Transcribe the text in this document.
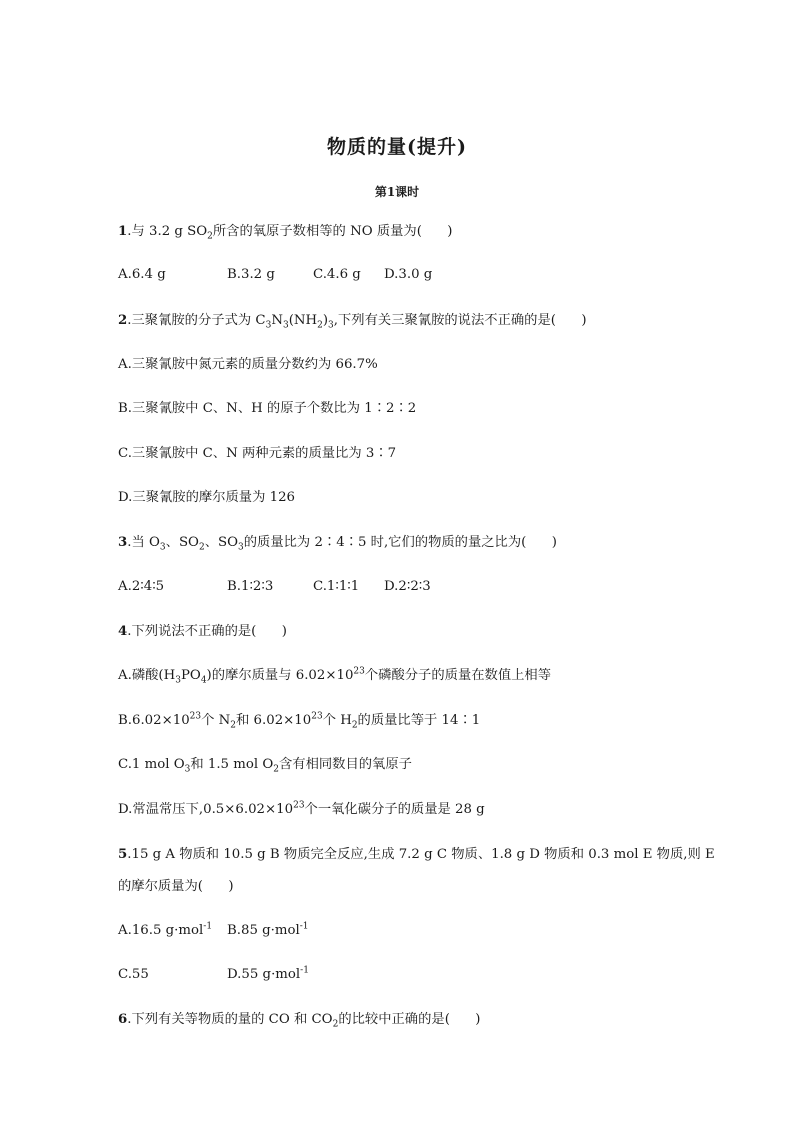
物质的量(提升)
第1课时
1.与 3.2 g $SO_2$所含的氧原子数相等的 NO 质量为(      )
A.6.4 g	B.3.2 g	C.4.6 g D.3.0 g
2.三聚氰胺的分子式为 $C_3N_3(NH_2)_3$,下列有关三聚氰胺的说法不正确的是(      )
A.三聚氰胺中氮元素的质量分数约为 66.7%
B.三聚氰胺中 C、N、H 的原子个数比为 1∶2∶2
C.三聚氰胺中 C、N 两种元素的质量比为 3∶7
D.三聚氰胺的摩尔质量为 126
3.当 $O_3$、$SO_2$、$SO_3$的质量比为 2∶4∶5 时,它们的物质的量之比为(      )
A.2∶4∶5	B.1∶2∶3	C.1∶1∶1 D.2∶2∶3
4.下列说法不正确的是(      )
A.磷酸$(H_3PO_4)$的摩尔质量与 $6.02\times 10^{23}$个磷酸分子的质量在数值上相等
$B.6.02\times 10^{23}$个 $N_2$和 $6.02\times 10^{23}$个 $H_2$的质量比等于 14∶1
C.1 mol $O_3$和 1.5 mol $O_2$含有相同数目的氧原子
D.常温常压下$,0.5\times 6.02\times 10^{23}$个一氧化碳分子的质量是 28 g
5.15 g A 物质和 10.5 g B 物质完全反应,生成 7.2 g C 物质、1.8 g D 物质和 0.3 mol E 物质,则 E
的摩尔质量为(      )
A.16.5 g·mol$^{-1}$ B.85 g·mol$^{-1}$
C.55	D.55 g·mol$^{-1}$
6.下列有关等物质的量的 CO 和 $CO_2$的比较中正确的是(      )
